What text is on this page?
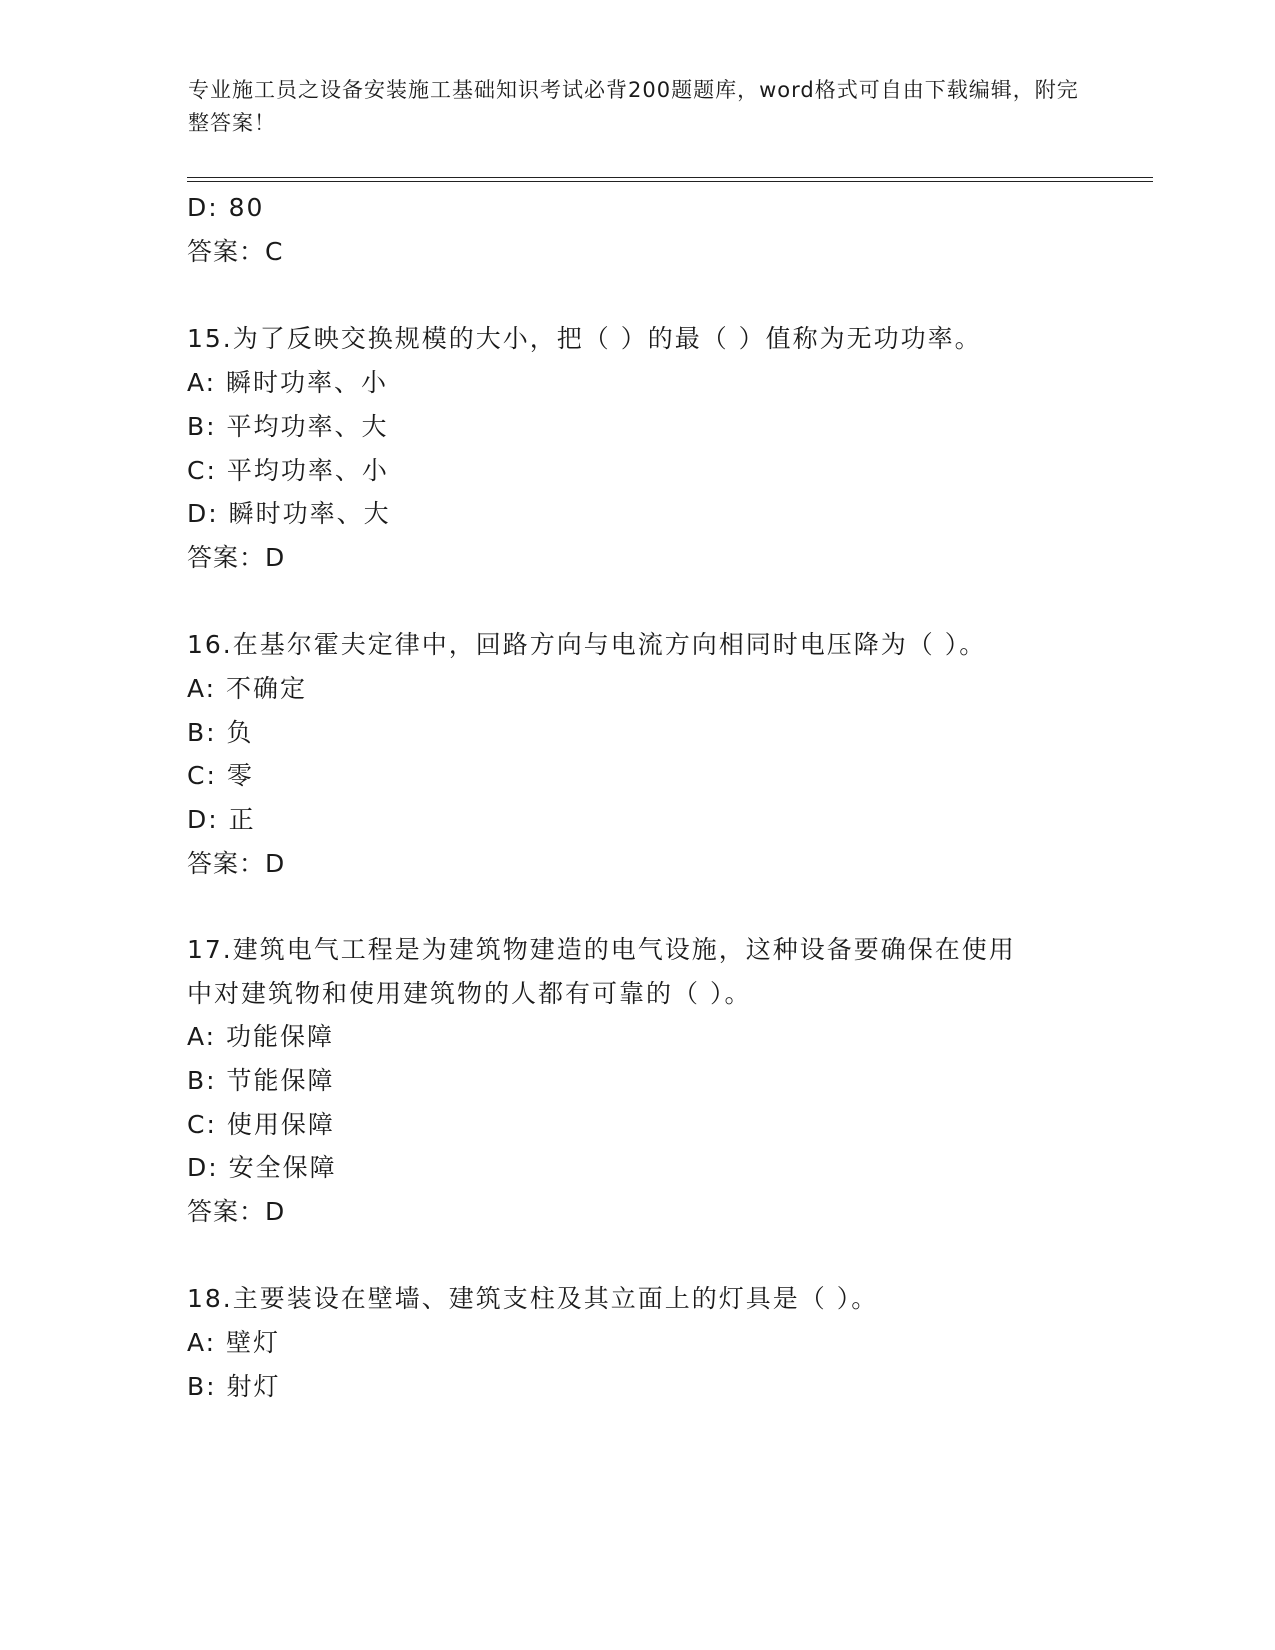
专业施工员之设备安装施工基础知识考试必背200题题库，word格式可自由下载编辑，附完整答案！
D: 80
答案：C
15.为了反映交换规模的大小，把（ ）的最（ ）值称为无功功率。
A: 瞬时功率、小
B: 平均功率、大
C: 平均功率、小
D: 瞬时功率、大
答案：D
16.在基尔霍夫定律中，回路方向与电流方向相同时电压降为（ ）。
A: 不确定
B: 负
C: 零
D: 正
答案：D
17.建筑电气工程是为建筑物建造的电气设施，这种设备要确保在使用
中对建筑物和使用建筑物的人都有可靠的（ ）。
A: 功能保障
B: 节能保障
C: 使用保障
D: 安全保障
答案：D
18.主要装设在壁墙、建筑支柱及其立面上的灯具是（ ）。
A: 壁灯
B: 射灯
